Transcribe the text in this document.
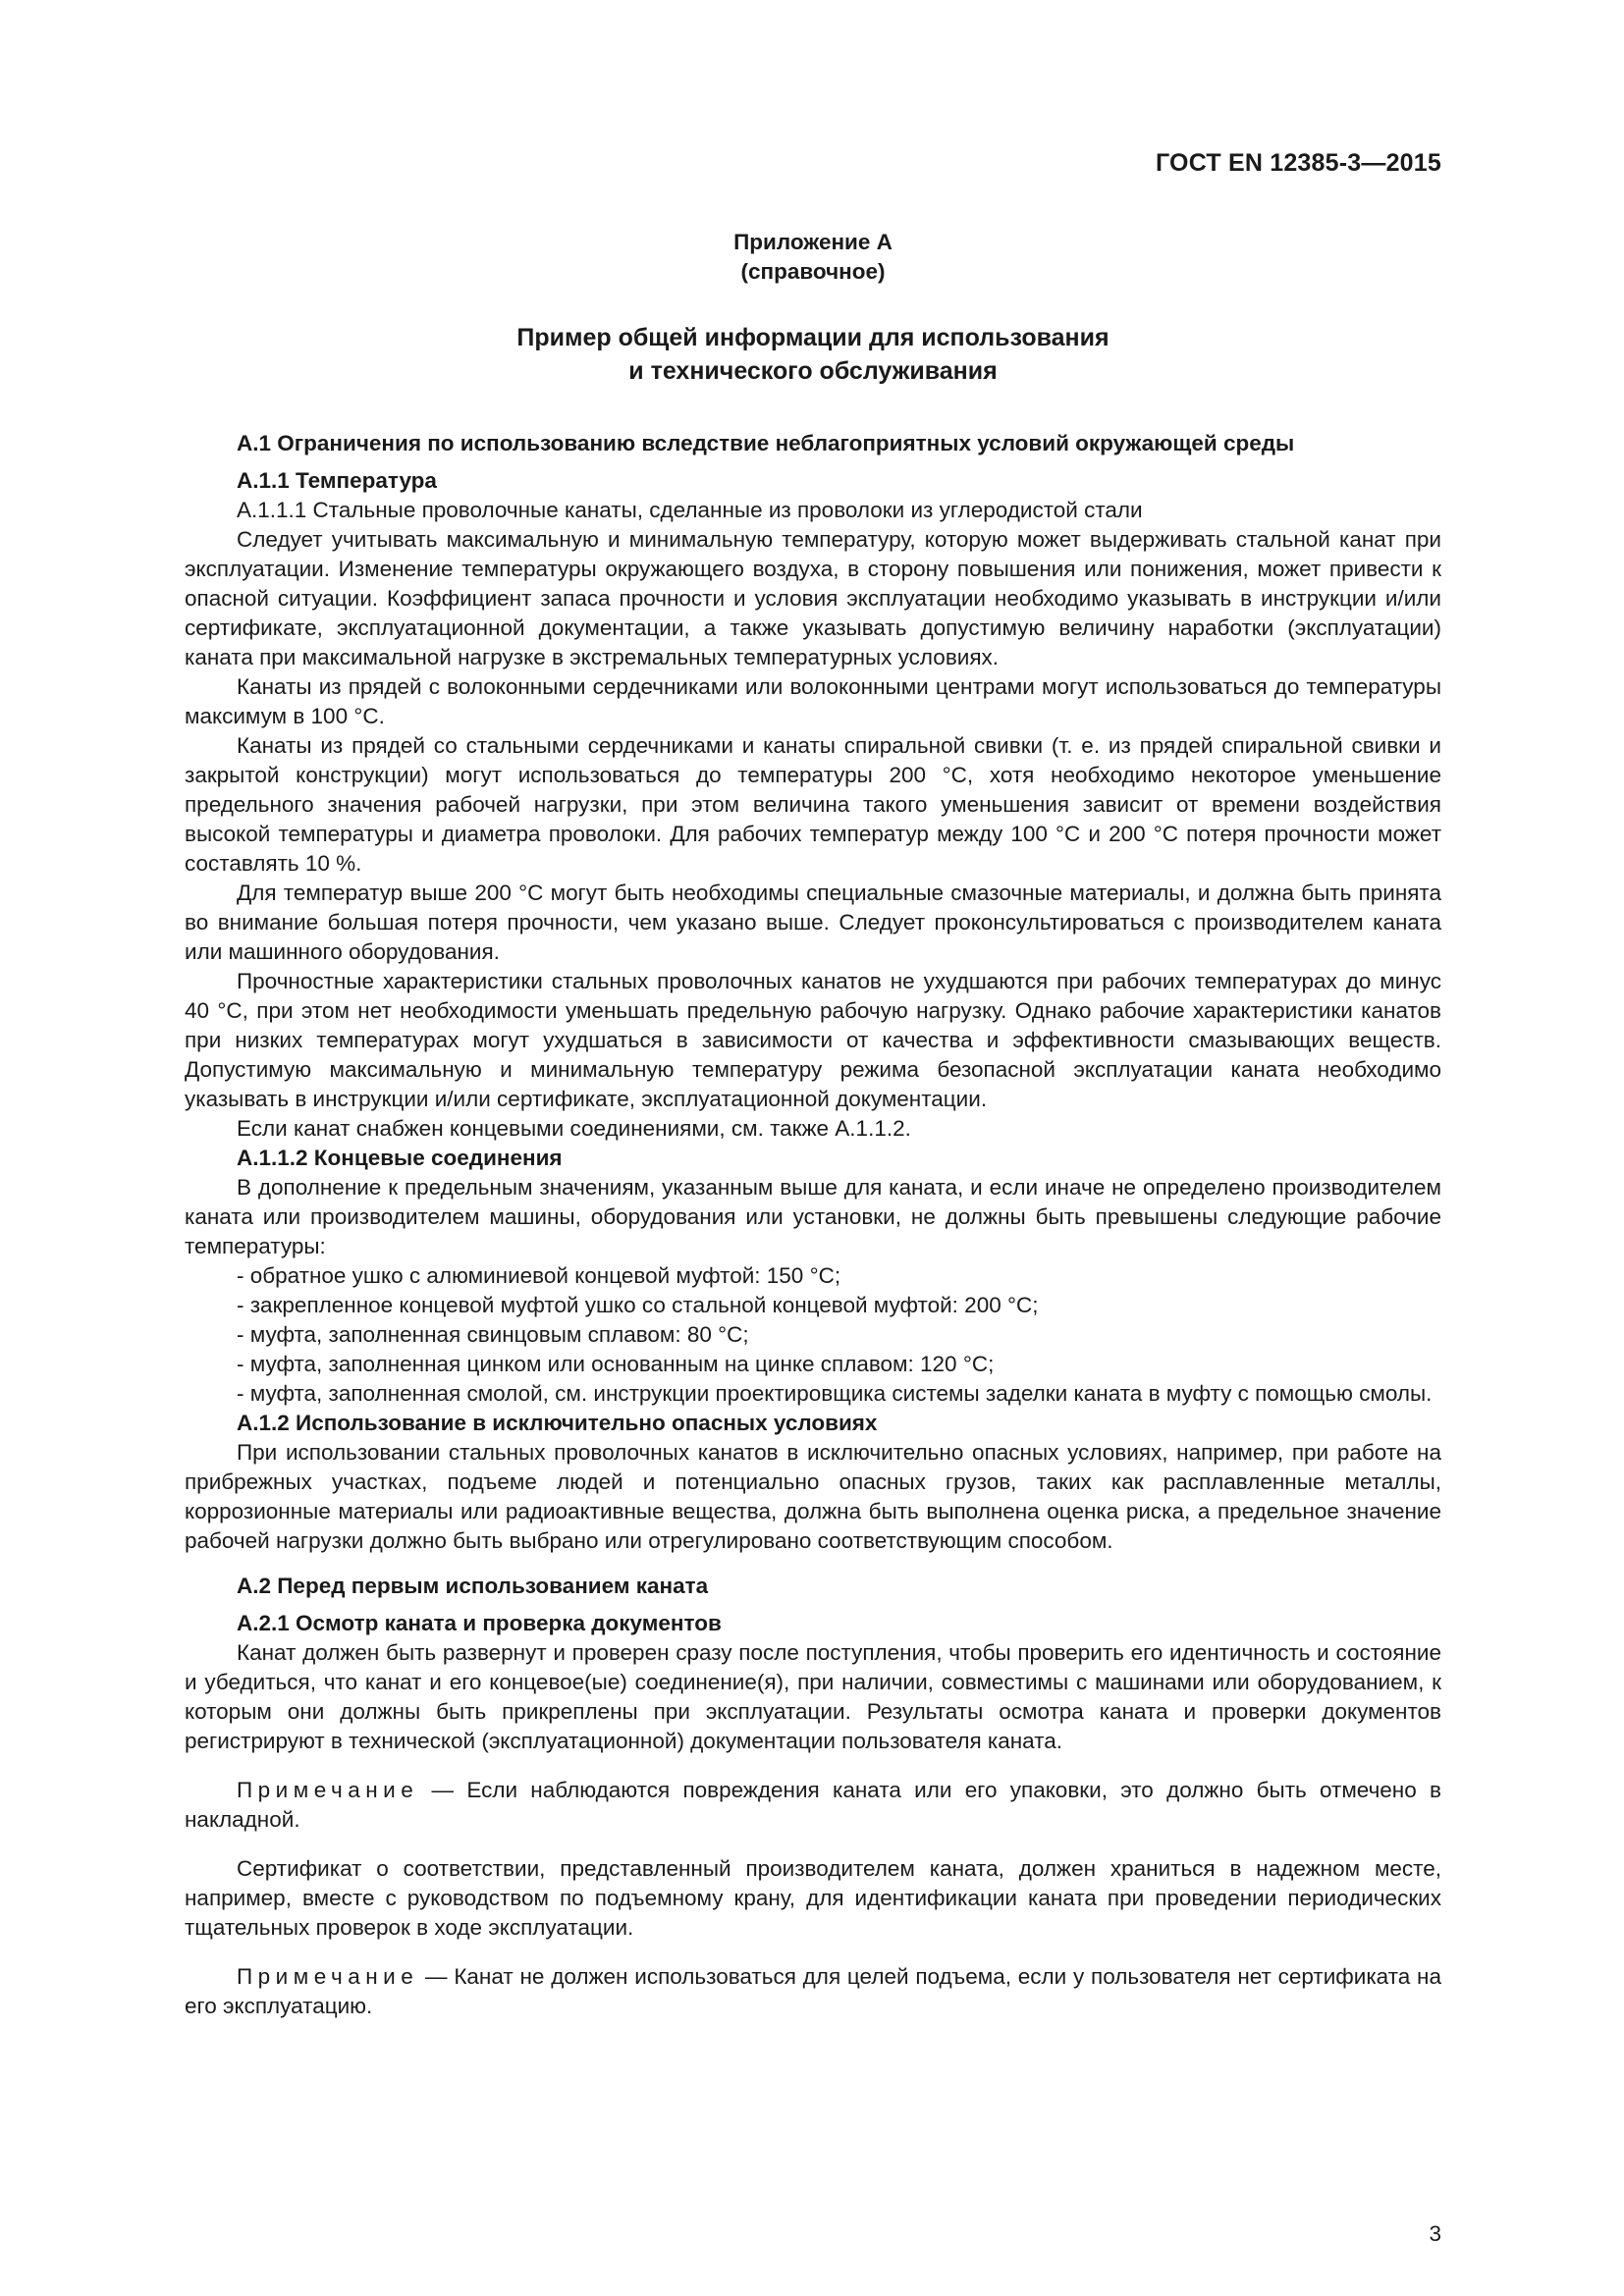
ГОСТ EN 12385-3—2015
Приложение А
(справочное)
Пример общей информации для использования
и технического обслуживания

А.1 Ограничения по использованию вследствие неблагоприятных условий окружающей среды

А.1.1 Температура

А.1.1.1 Стальные проволочные канаты, сделанные из проволоки из углеродистой стали

Следует учитывать максимальную и минимальную температуру, которую может выдерживать стальной канат при эксплуатации. Изменение температуры окружающего воздуха, в сторону повышения или понижения, может привести к опасной ситуации. Коэффициент запаса прочности и условия эксплуатации необходимо указывать в инструкции и/или сертификате, эксплуатационной документации, а также указывать допустимую величину наработки (эксплуатации) каната при максимальной нагрузке в экстремальных температурных условиях.

Канаты из прядей с волоконными сердечниками или волоконными центрами могут использоваться до температуры максимум в 100 °С.

Канаты из прядей со стальными сердечниками и канаты спиральной свивки (т. е. из прядей спиральной свивки и закрытой конструкции) могут использоваться до температуры 200 °С, хотя необходимо некоторое уменьшение предельного значения рабочей нагрузки, при этом величина такого уменьшения зависит от времени воздействия высокой температуры и диаметра проволоки. Для рабочих температур между 100 °С и 200 °С потеря прочности может составлять 10 %.

Для температур выше 200 °С могут быть необходимы специальные смазочные материалы, и должна быть принята во внимание большая потеря прочности, чем указано выше. Следует проконсультироваться с производителем каната или машинного оборудования.

Прочностные характеристики стальных проволочных канатов не ухудшаются при рабочих температурах до минус 40 °С, при этом нет необходимости уменьшать предельную рабочую нагрузку. Однако рабочие характеристики канатов при низких температурах могут ухудшаться в зависимости от качества и эффективности смазывающих веществ. Допустимую максимальную и минимальную температуру режима безопасной эксплуатации каната необходимо указывать в инструкции и/или сертификате, эксплуатационной документации.

Если канат снабжен концевыми соединениями, см. также А.1.1.2.

А.1.1.2 Концевые соединения

В дополнение к предельным значениям, указанным выше для каната, и если иначе не определено производителем каната или производителем машины, оборудования или установки, не должны быть превышены следующие рабочие температуры:

- обратное ушко с алюминиевой концевой муфтой: 150 °С;

- закрепленное концевой муфтой ушко со стальной концевой муфтой: 200 °С;

- муфта, заполненная свинцовым сплавом: 80 °С;

- муфта, заполненная цинком или основанным на цинке сплавом: 120 °С;

- муфта, заполненная смолой, см. инструкции проектировщика системы заделки каната в муфту с помощью смолы.

А.1.2 Использование в исключительно опасных условиях

При использовании стальных проволочных канатов в исключительно опасных условиях, например, при работе на прибрежных участках, подъеме людей и потенциально опасных грузов, таких как расплавленные металлы, коррозионные материалы или радиоактивные вещества, должна быть выполнена оценка риска, а предельное значение рабочей нагрузки должно быть выбрано или отрегулировано соответствующим способом.

А.2 Перед первым использованием каната

А.2.1 Осмотр каната и проверка документов

Канат должен быть развернут и проверен сразу после поступления, чтобы проверить его идентичность и состояние и убедиться, что канат и его концевое(ые) соединение(я), при наличии, совместимы с машинами или оборудованием, к которым они должны быть прикреплены при эксплуатации. Результаты осмотра каната и проверки документов регистрируют в технической (эксплуатационной) документации пользователя каната.

Примечание — Если наблюдаются повреждения каната или его упаковки, это должно быть отмечено в накладной.

Сертификат о соответствии, представленный производителем каната, должен храниться в надежном месте, например, вместе с руководством по подъемному крану, для идентификации каната при проведении периодических тщательных проверок в ходе эксплуатации.

Примечание — Канат не должен использоваться для целей подъема, если у пользователя нет сертификата на его эксплуатацию.

3
